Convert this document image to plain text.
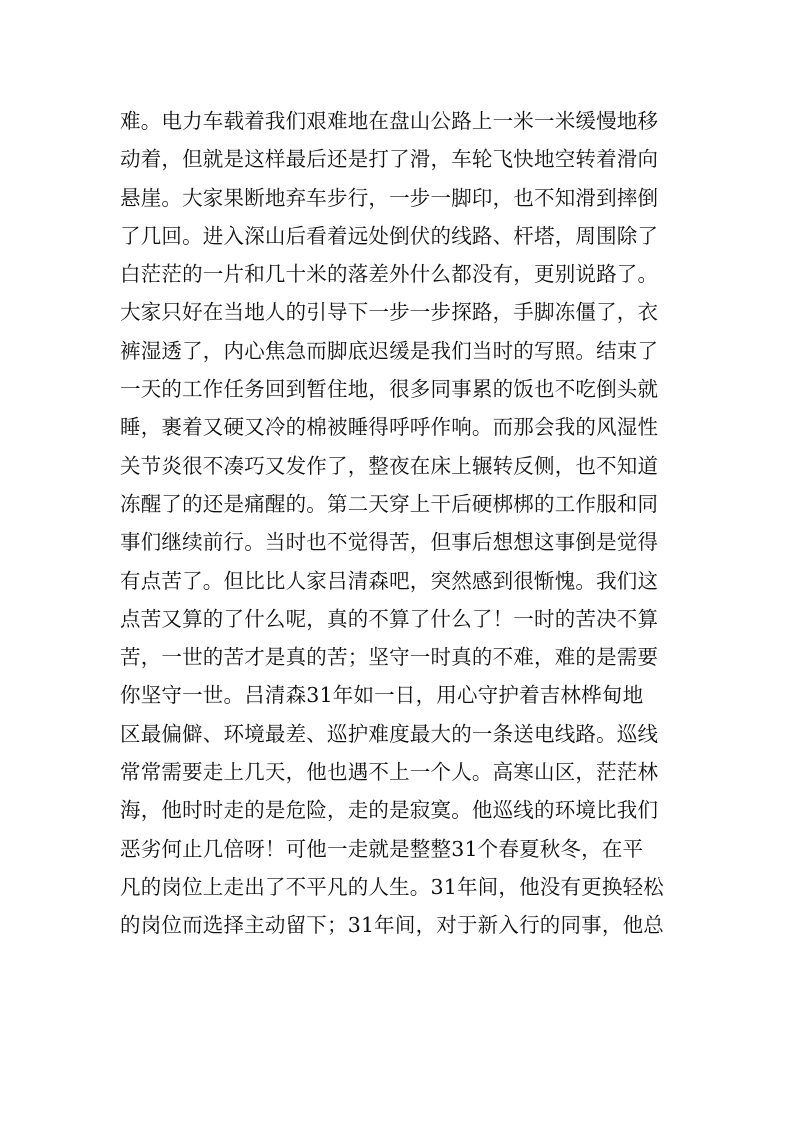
难。电力车载着我们艰难地在盘山公路上一米一米缓慢地移
动着，但就是这样最后还是打了滑，车轮飞快地空转着滑向
悬崖。大家果断地弃车步行，一步一脚印，也不知滑到摔倒
了几回。进入深山后看着远处倒伏的线路、杆塔，周围除了
白茫茫的一片和几十米的落差外什么都没有，更别说路了。
大家只好在当地人的引导下一步一步探路，手脚冻僵了，衣
裤湿透了，内心焦急而脚底迟缓是我们当时的写照。结束了
一天的工作任务回到暂住地，很多同事累的饭也不吃倒头就
睡，裹着又硬又冷的棉被睡得呼呼作响。而那会我的风湿性
关节炎很不凑巧又发作了，整夜在床上辗转反侧，也不知道
冻醒了的还是痛醒的。第二天穿上干后硬梆梆的工作服和同
事们继续前行。当时也不觉得苦，但事后想想这事倒是觉得
有点苦了。但比比人家吕清森吧，突然感到很惭愧。我们这
点苦又算的了什么呢，真的不算了什么了！一时的苦决不算
苦，一世的苦才是真的苦；坚守一时真的不难，难的是需要
你坚守一世。吕清森31年如一日，用心守护着吉林桦甸地
区最偏僻、环境最差、巡护难度最大的一条送电线路。巡线
常常需要走上几天，他也遇不上一个人。高寒山区，茫茫林
海，他时时走的是危险，走的是寂寞。他巡线的环境比我们
恶劣何止几倍呀！可他一走就是整整31个春夏秋冬，在平
凡的岗位上走出了不平凡的人生。31年间，他没有更换轻松
的岗位而选择主动留下；31年间，对于新入行的同事，他总
